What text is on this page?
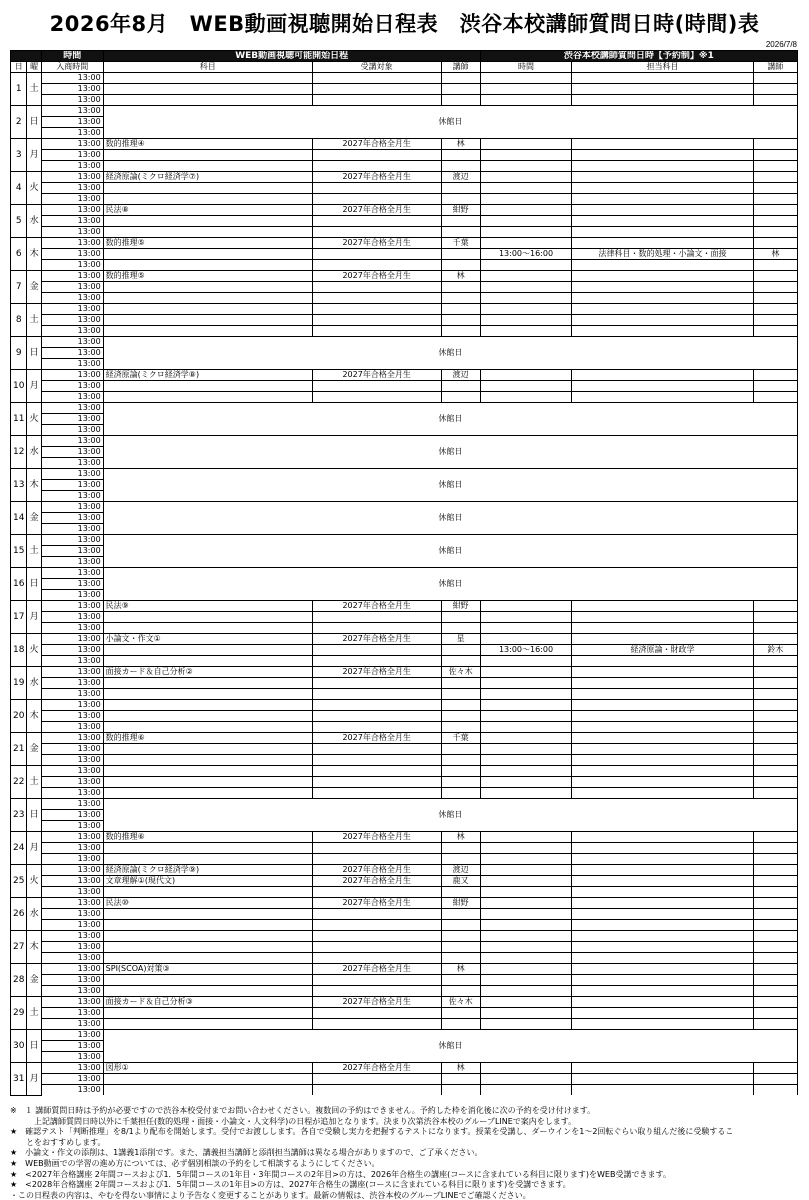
2026年8月　WEB動画視聴開始日程表　渋谷本校講師質問日時(時間)表
2026/7/8
		時間	WEB動画視聴可能開始日程			渋谷本校講師質問日時【予約制】※1		
日	曜	入商時間	科目	受講対象	講師	時間	担当科目	講師
1	土	13:00						
		13:00						
		13:00						
2	日	13:00	休館日					
		13:00						
		13:00						
3	月	13:00	数的推理④	2027年合格全月生	林			
		13:00						
		13:00						
4	火	13:00	経済原論(ミクロ経済学⑦)	2027年合格全月生	渡辺			
		13:00						
		13:00						
5	水	13:00	民法⑧	2027年合格全月生	紺野			
		13:00						
		13:00						
6	木	13:00	数的推理⑤	2027年合格全月生	千葉			
		13:00				13:00～16:00	法律科目・数的処理・小論文・面接	林
		13:00						
7	金	13:00	数的推理⑤	2027年合格全月生	林			
		13:00						
		13:00						
8	土	13:00						
		13:00						
		13:00						
9	日	13:00	休館日					
		13:00						
		13:00						
10	月	13:00	経済原論(ミクロ経済学⑧)	2027年合格全月生	渡辺			
		13:00						
		13:00						
11	火	13:00	休館日					
		13:00						
		13:00						
12	水	13:00	休館日					
		13:00						
		13:00						
13	木	13:00	休館日					
		13:00						
		13:00						
14	金	13:00	休館日					
		13:00						
		13:00						
15	土	13:00	休館日					
		13:00						
		13:00						
16	日	13:00	休館日					
		13:00						
		13:00						
17	月	13:00	民法⑨	2027年合格全月生	紺野			
		13:00						
		13:00						
18	火	13:00	小論文・作文①	2027年合格全月生	星			
		13:00				13:00～16:00	経済原論・財政学	鈴木
		13:00						
19	水	13:00	面接カード＆自己分析②	2027年合格全月生	佐々木			
		13:00						
		13:00						
20	木	13:00						
		13:00						
		13:00						
21	金	13:00	数的推理⑥	2027年合格全月生	千葉			
		13:00						
		13:00						
22	土	13:00						
		13:00						
		13:00						
23	日	13:00	休館日					
		13:00						
		13:00						
24	月	13:00	数的推理⑥	2027年合格全月生	林			
		13:00						
		13:00						
25	火	13:00	経済原論(ミクロ経済学⑨)	2027年合格全月生	渡辺			
		13:00	文章理解①(現代文)	2027年合格全月生	鹿又			
		13:00						
26	水	13:00	民法⑩	2027年合格全月生	紺野			
		13:00						
		13:00						
27	木	13:00						
		13:00						
		13:00						
28	金	13:00	SPI(SCOA)対策③	2027年合格全月生	林			
		13:00						
		13:00						
29	土	13:00	面接カード＆自己分析③	2027年合格全月生	佐々木			
		13:00						
		13:00						
30	日	13:00	休館日					
		13:00						
		13:00						
31	月	13:00	図形①	2027年合格全月生	林			
		13:00						
		13:00						
※　１ 講師質問日時は予約が必要ですので渋谷本校受付までお問い合わせください。複数回の予約はできません。予約した枠を消化後に次の予約を受け付けます。
　　　上記講師質問日時以外に千葉担任(数的処理・面接・小論文・人文科学)の日程が追加となります。決まり次第渋谷本校のグループLINEで案内をします。
★　確認テスト「判断推理」を8/1より配布を開始します。受付でお渡しします。各自で受験し実力を把握するテストになります。授業を受講し、ダーウインを1～2回転ぐらい取り組んだ後に受験するこ
　　とをおすすめします。
★　小論文・作文の添削は、1講義1添削です。また、講義担当講師と添削担当講師は異なる場合がありますので、ご了承ください。
★　WEB動画での学習の進め方については、必ず個別相談の予約をして相談するようにしてください。
★　<2027年合格講座 2年間コースおよび1．5年間コースの1年目・3年間コースの2年目>の方は、2026年合格生の講座(コースに含まれている科目に限ります)をWEB受講できます。
★　<2028年合格講座 2年間コースおよび1．5年間コースの1年目>の方は、2027年合格生の講座(コースに含まれている科目に限ります)を受講できます。
・この日程表の内容は、やむを得ない事情により予告なく変更することがあります。最新の情報は、渋谷本校のグループLINEでご確認ください。
